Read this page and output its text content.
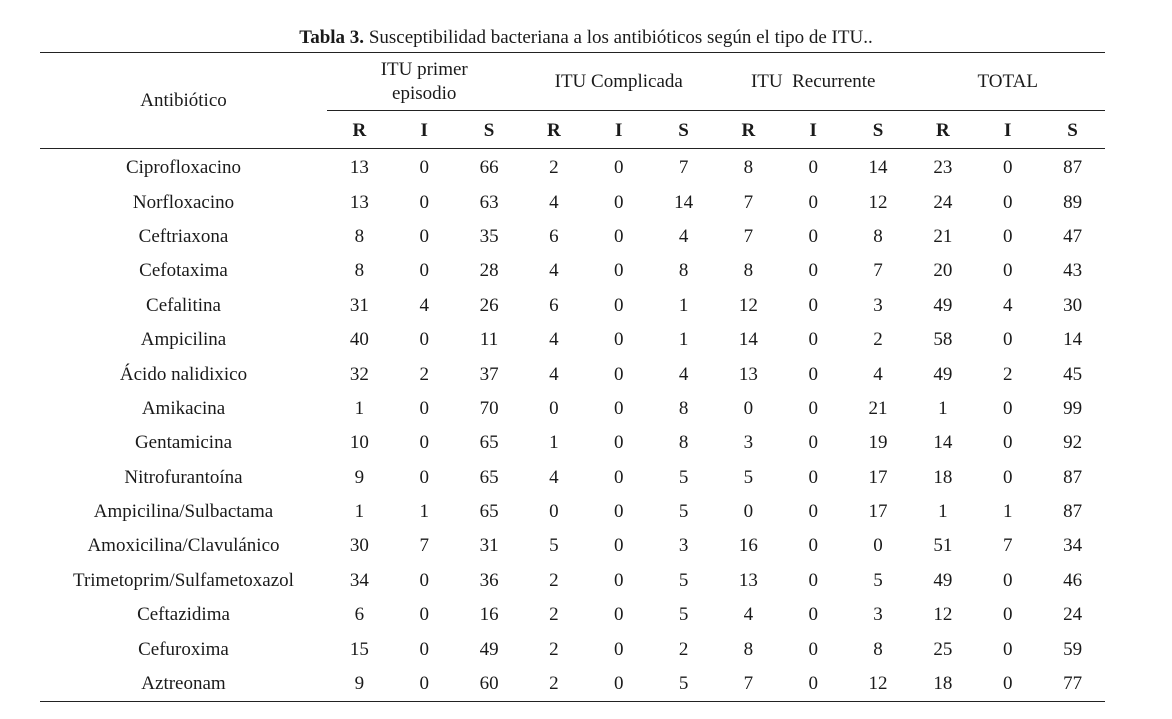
Tabla 3. Susceptibilidad bacteriana a los antibióticos según el tipo de ITU..
Antibiótico	ITU primer episodio			ITU Complicada			ITU  Recurrente			TOTAL		
	R	I	S	R	I	S	R	I	S	R	I	S
Ciprofloxacino	13	0	66	2	0	7	8	0	14	23	0	87
Norfloxacino	13	0	63	4	0	14	7	0	12	24	0	89
Ceftriaxona	8	0	35	6	0	4	7	0	8	21	0	47
Cefotaxima	8	0	28	4	0	8	8	0	7	20	0	43
Cefalitina	31	4	26	6	0	1	12	0	3	49	4	30
Ampicilina	40	0	11	4	0	1	14	0	2	58	0	14
Ácido nalidixico	32	2	37	4	0	4	13	0	4	49	2	45
Amikacina	1	0	70	0	0	8	0	0	21	1	0	99
Gentamicina	10	0	65	1	0	8	3	0	19	14	0	92
Nitrofurantoína	9	0	65	4	0	5	5	0	17	18	0	87
Ampicilina/Sulbactama	1	1	65	0	0	5	0	0	17	1	1	87
Amoxicilina/Clavulánico	30	7	31	5	0	3	16	0	0	51	7	34
Trimetoprim/Sulfametoxazol	34	0	36	2	0	5	13	0	5	49	0	46
Ceftazidima	6	0	16	2	0	5	4	0	3	12	0	24
Cefuroxima	15	0	49	2	0	2	8	0	8	25	0	59
Aztreonam	9	0	60	2	0	5	7	0	12	18	0	77
